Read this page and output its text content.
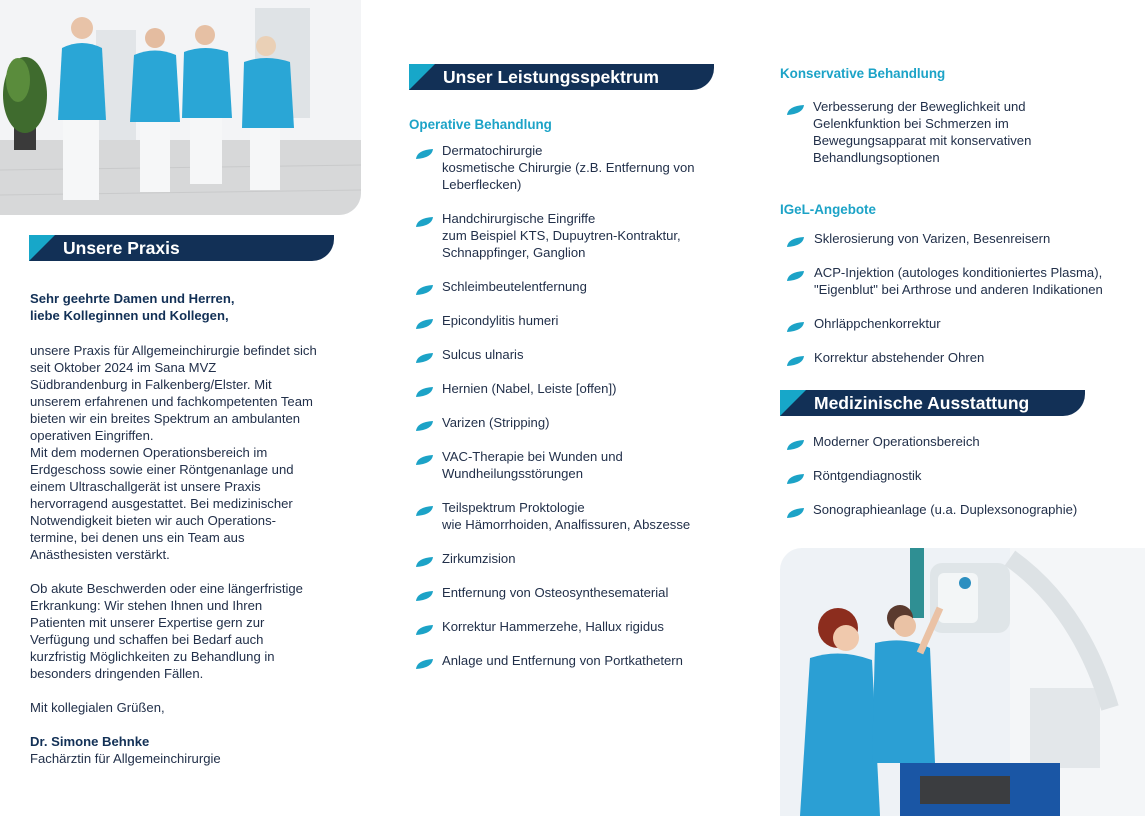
Unsere Praxis
Sehr geehrte Damen und Herren,
liebe Kolleginnen und Kollegen,
unsere Praxis für Allgemeinchirurgie befindet sich
seit Oktober 2024 im Sana MVZ
Südbrandenburg in Falkenberg/Elster. Mit
unserem erfahrenen und fachkompetenten Team
bieten wir ein breites Spektrum an ambulanten
operativen Eingriffen.
Mit dem modernen Operationsbereich im
Erdgeschoss sowie einer Röntgenanlage und
einem Ultraschallgerät ist unsere Praxis
hervorragend ausgestattet. Bei medizinischer
Notwendigkeit bieten wir auch Operations-
termine, bei denen uns ein Team aus
Anästhesisten verstärkt.
Ob akute Beschwerden oder eine längerfristige
Erkrankung: Wir stehen Ihnen und Ihren
Patienten mit unserer Expertise gern zur
Verfügung und schaffen bei Bedarf auch
kurzfristig Möglichkeiten zu Behandlung in
besonders dringenden Fällen.
Mit kollegialen Grüßen,
Dr. Simone Behnke
Fachärztin für Allgemeinchirurgie
Unser Leistungsspektrum
Operative Behandlung
Konservative Behandlung
IGeL-Angebote
Medizinische Ausstattung
Dermatochirurgie
kosmetische Chirurgie (z.B. Entfernung von
Leberflecken)
Handchirurgische Eingriffe
zum Beispiel KTS, Dupuytren-Kontraktur,
Schnappfinger, Ganglion
Schleimbeutelentfernung
Epicondylitis humeri
Sulcus ulnaris
Hernien (Nabel, Leiste [offen])
Varizen (Stripping)
VAC-Therapie bei Wunden und
Wundheilungsstörungen
Teilspektrum Proktologie
wie Hämorrhoiden, Analfissuren, Abszesse
Zirkumzision
Entfernung von Osteosynthesematerial
Korrektur Hammerzehe, Hallux rigidus
Anlage und Entfernung von Portkathetern
Verbesserung der Beweglichkeit und
Gelenkfunktion bei Schmerzen im
Bewegungsapparat mit konservativen
Behandlungsoptionen
Sklerosierung von Varizen, Besenreisern
ACP-Injektion (autologes konditioniertes Plasma),
"Eigenblut" bei Arthrose und anderen Indikationen
Ohrläppchenkorrektur
Korrektur abstehender Ohren
Moderner Operationsbereich
Röntgendiagnostik
Sonographieanlage (u.a. Duplexsonographie)
